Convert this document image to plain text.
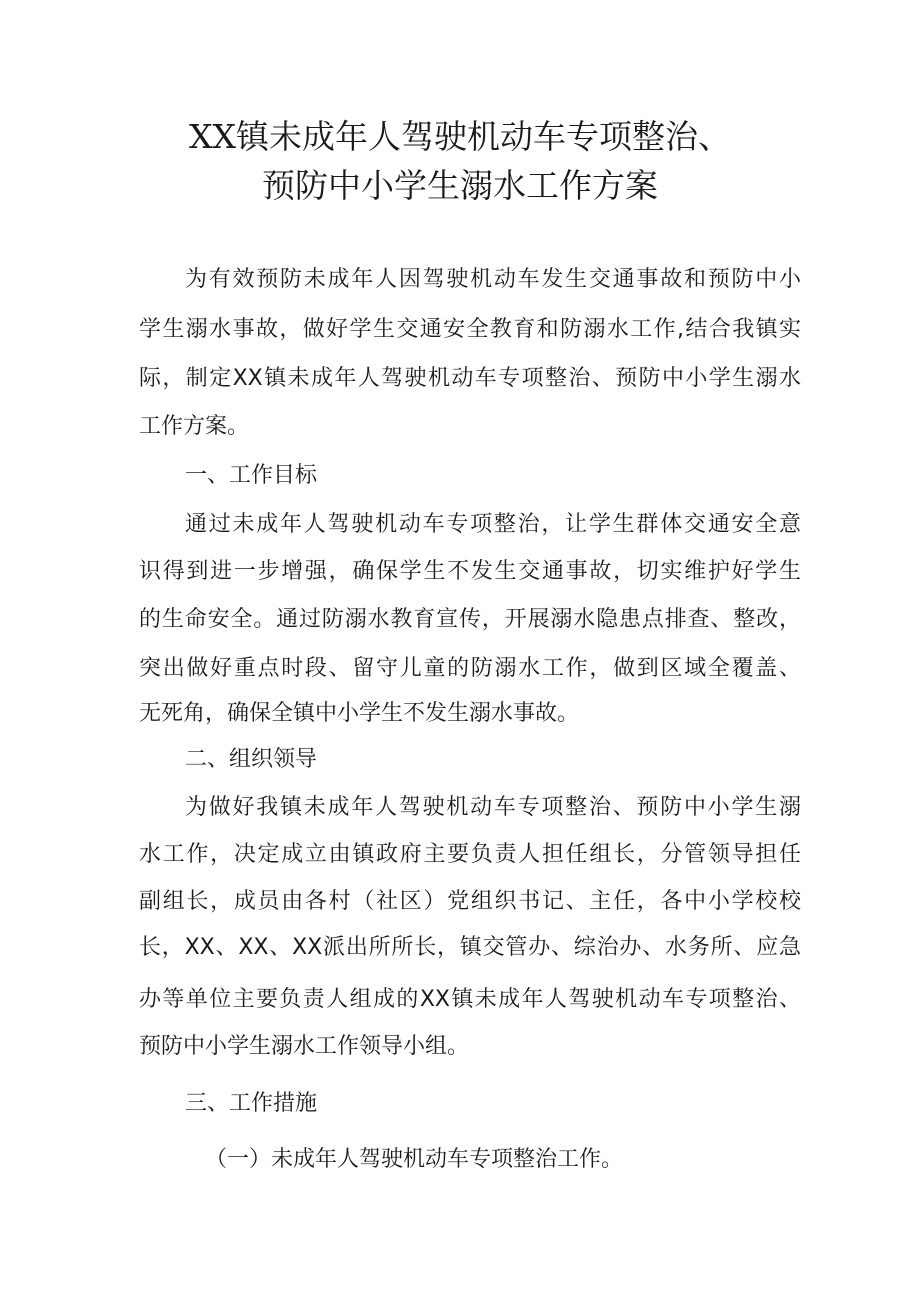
XX镇未成年人驾驶机动车专项整治、
预防中小学生溺水工作方案

为有效预防未成年人因驾驶机动车发生交通事故和预防中小

学生溺水事故，做好学生交通安全教育和防溺水工作,结合我镇实

际，制定XX镇未成年人驾驶机动车专项整治、预防中小学生溺水

工作方案。

一、工作目标

通过未成年人驾驶机动车专项整治，让学生群体交通安全意

识得到进一步增强，确保学生不发生交通事故，切实维护好学生

的生命安全。通过防溺水教育宣传，开展溺水隐患点排查、整改，

突出做好重点时段、留守儿童的防溺水工作，做到区域全覆盖、

无死角，确保全镇中小学生不发生溺水事故。

二、组织领导

为做好我镇未成年人驾驶机动车专项整治、预防中小学生溺

水工作，决定成立由镇政府主要负责人担任组长，分管领导担任

副组长，成员由各村（社区）党组织书记、主任，各中小学校校

长，XX、XX、XX派出所所长，镇交管办、综治办、水务所、应急

办等单位主要负责人组成的XX镇未成年人驾驶机动车专项整治、

预防中小学生溺水工作领导小组。

三、工作措施

（一）未成年人驾驶机动车专项整治工作。
